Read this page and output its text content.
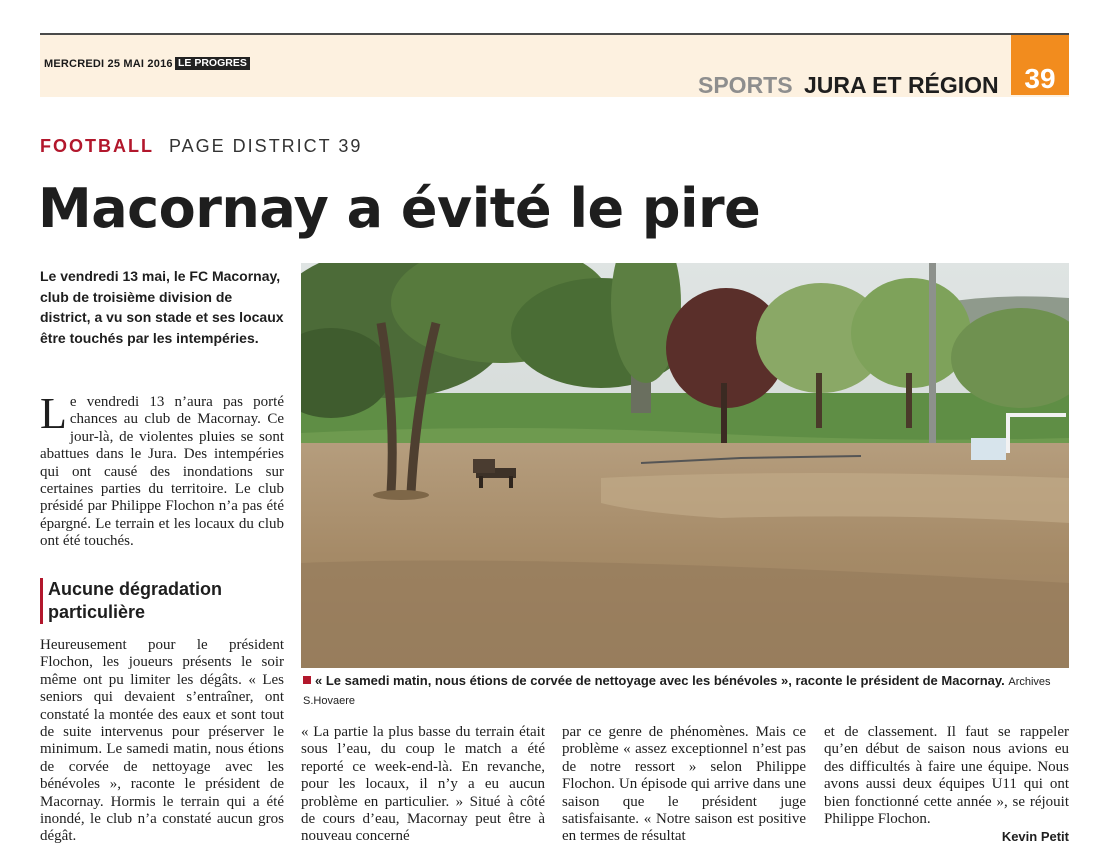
MERCREDI 25 MAI 2016 LE PROGRES
SPORTS JURA ET RÉGION 39
FOOTBALL PAGE DISTRICT 39
Macornay a évité le pire
Le vendredi 13 mai, le FC Macornay, club de troisième division de district, a vu son stade et ses locaux être touchés par les intempéries.
Le vendredi 13 n’aura pas porté chances au club de Macornay. Ce jour-là, de violentes pluies se sont abattues dans le Jura. Des intempéries qui ont causé des inondations sur certaines parties du territoire. Le club présidé par Philippe Flochon n’a pas été épargné. Le terrain et les locaux du club ont été touchés.
Aucune dégradation particulière
Heureusement pour le président Flochon, les joueurs présents le soir même ont pu limiter les dégâts. « Les seniors qui devaient s’entraîner, ont constaté la montée des eaux et sont tout de suite intervenus pour préserver le minimum. Le samedi matin, nous étions de corvée de nettoyage avec les bénévoles », raconte le président de Macornay. Hormis le terrain qui a été inondé, le club n’a constaté aucun gros dégât.
« Le samedi matin, nous étions de corvée de nettoyage avec les bénévoles », raconte le président de Macornay. Archives S.Hovaere
« La partie la plus basse du terrain était sous l’eau, du coup le match a été reporté ce week-end-là. En revanche, pour les locaux, il n’y a eu aucun problème en particulier. » Situé à côté de cours d’eau, Macornay peut être à nouveau concerné
par ce genre de phénomènes. Mais ce problème « assez exceptionnel n’est pas de notre ressort » selon Philippe Flochon. Un épisode qui arrive dans une saison que le président juge satisfaisante. « Notre saison est positive en termes de résultat
et de classement. Il faut se rappeler qu’en début de saison nous avions eu des difficultés à faire une équipe. Nous avons aussi deux équipes U11 qui ont bien fonctionné cette année », se réjouit Philippe Flochon.
Kevin Petit
